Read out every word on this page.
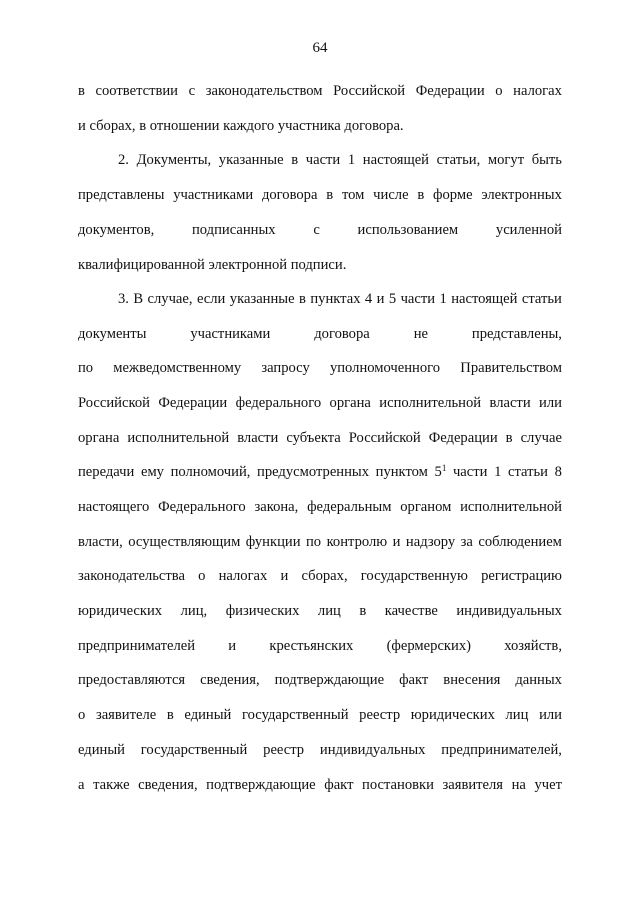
64
в соответствии с законодательством Российской Федерации о налогах
и сборах, в отношении каждого участника договора.
2. Документы, указанные в части 1 настоящей статьи, могут быть
представлены участниками договора в том числе в форме электронных
документов,	подписанных	с	использованием	усиленной
квалифицированной электронной подписи.
3. В случае, если указанные в пунктах 4 и 5 части 1 настоящей статьи
документы	участниками	договора	не	представлены,
по межведомственному запросу уполномоченного Правительством
Российской Федерации федерального органа исполнительной власти или
органа исполнительной власти субъекта Российской Федерации в случае
передачи ему полномочий, предусмотренных пунктом $5^1$ части 1 статьи 8
настоящего Федерального закона, федеральным органом исполнительной
власти, осуществляющим функции по контролю и надзору за соблюдением
законодательства о налогах и сборах, государственную регистрацию
юридических лиц, физических лиц в качестве индивидуальных
предпринимателей и крестьянских (фермерских) хозяйств,
предоставляются сведения, подтверждающие факт внесения данных
о заявителе в единый государственный реестр юридических лиц или
единый государственный реестр индивидуальных предпринимателей,
а также сведения, подтверждающие факт постановки заявителя на учет
